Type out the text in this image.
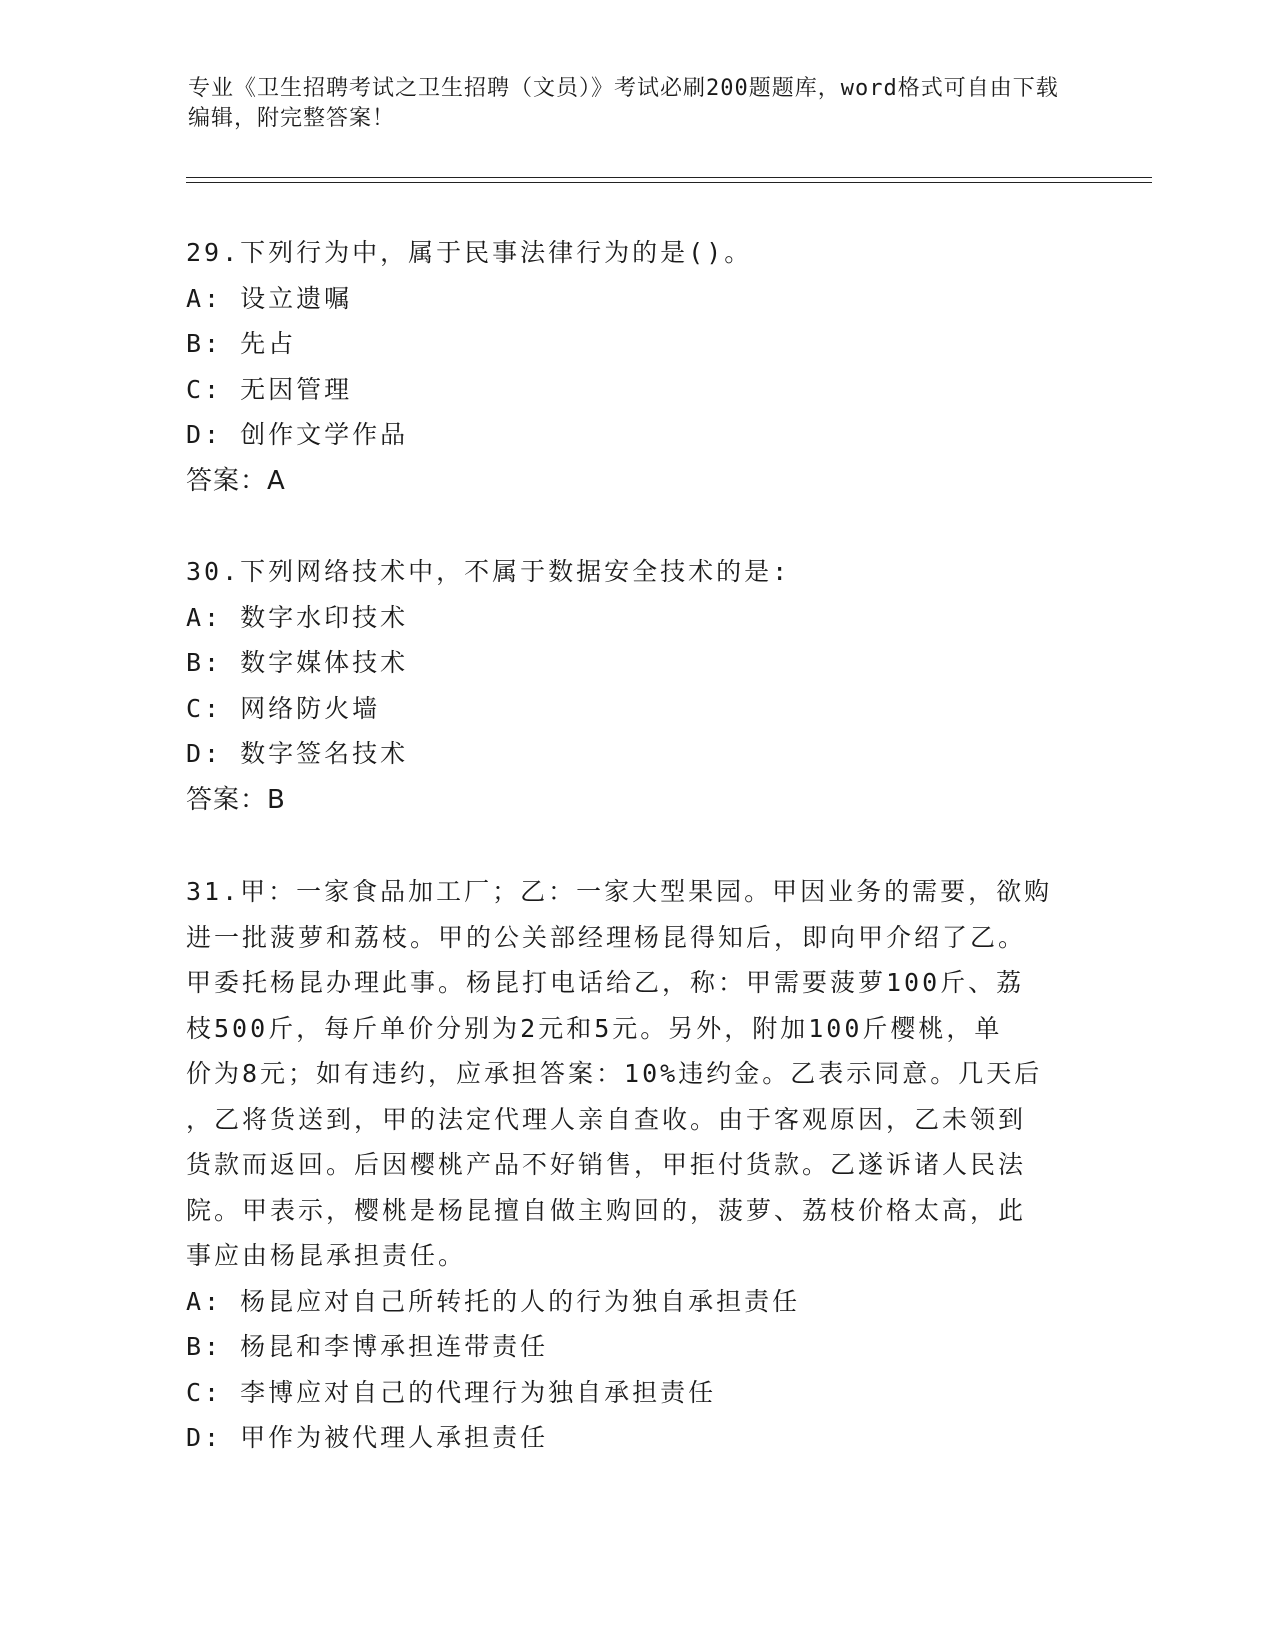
专业《卫生招聘考试之卫生招聘（文员）》考试必刷200题题库，word格式可自由下载编辑，附完整答案！

29.下列行为中，属于民事法律行为的是()。

A: 设立遗嘱

B: 先占

C: 无因管理

D: 创作文学作品

答案：A

30.下列网络技术中，不属于数据安全技术的是:

A: 数字水印技术

B: 数字媒体技术

C: 网络防火墙

D: 数字签名技术

答案：B

31.甲：一家食品加工厂；乙：一家大型果园。甲因业务的需要，欲购

进一批菠萝和荔枝。甲的公关部经理杨昆得知后，即向甲介绍了乙。

甲委托杨昆办理此事。杨昆打电话给乙，称：甲需要菠萝100斤、荔

枝500斤，每斤单价分别为2元和5元。另外，附加100斤樱桃，单

价为8元；如有违约，应承担答案：10%违约金。乙表示同意。几天后

，乙将货送到，甲的法定代理人亲自查收。由于客观原因，乙未领到

货款而返回。后因樱桃产品不好销售，甲拒付货款。乙遂诉诸人民法

院。甲表示，樱桃是杨昆擅自做主购回的，菠萝、荔枝价格太高，此

事应由杨昆承担责任。

A: 杨昆应对自己所转托的人的行为独自承担责任

B: 杨昆和李博承担连带责任

C: 李博应对自己的代理行为独自承担责任

D: 甲作为被代理人承担责任
